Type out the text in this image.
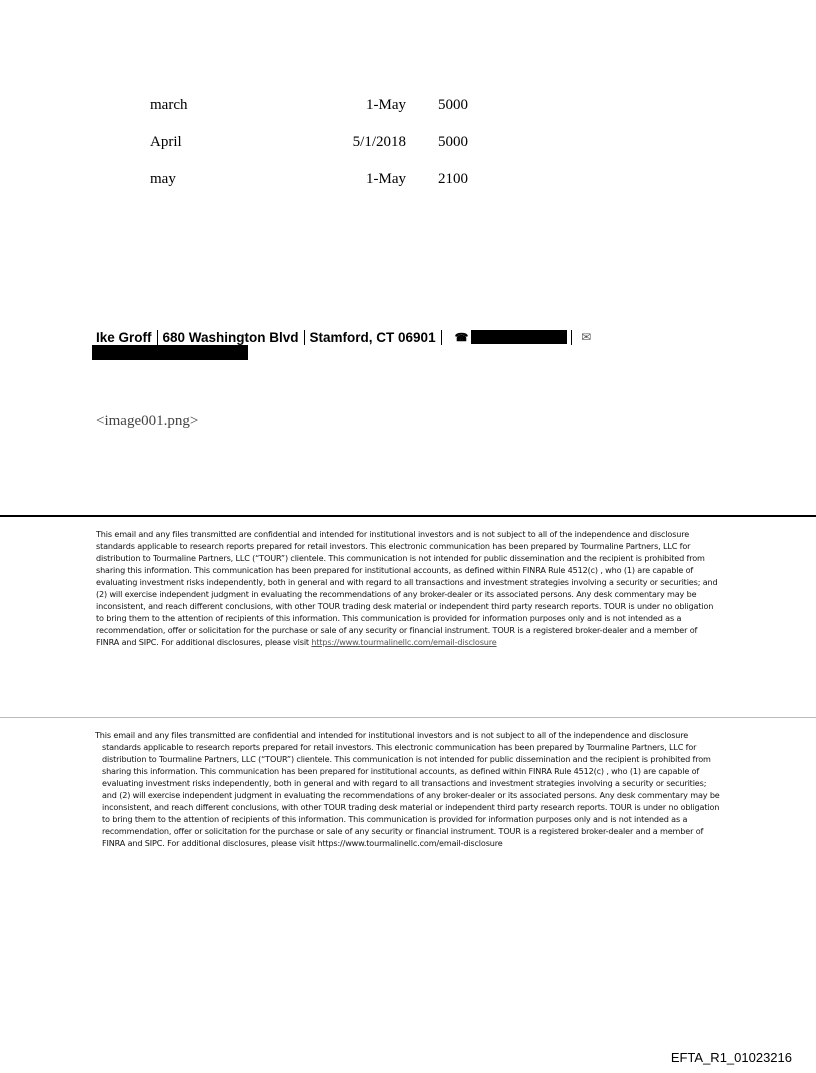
march	1-May 5000
April	5/1/2018 5000
may	1-May 2100
Ike Groff 680 Washington Blvd Stamford, CT 06901 ☎	✉
<image001.png>
This email and any files transmitted are confidential and intended for institutional investors and is not subject to all of the independence and disclosure standards applicable to research reports prepared for retail investors. This electronic communication has been prepared by Tourmaline Partners, LLC for distribution to Tourmaline Partners, LLC (“TOUR”) clientele. This communication is not intended for public dissemination and the recipient is prohibited from sharing this information. This communication has been prepared for institutional accounts, as defined within FINRA Rule 4512(c) , who (1) are capable of evaluating investment risks independently, both in general and with regard to all transactions and investment strategies involving a security or securities; and (2) will exercise independent judgment in evaluating the recommendations of any broker-dealer or its associated persons. Any desk commentary may be inconsistent, and reach different conclusions, with other TOUR trading desk material or independent third party research reports. TOUR is under no obligation to bring them to the attention of recipients of this information. This communication is provided for information purposes only and is not intended as a recommendation, offer or solicitation for the purchase or sale of any security or financial instrument. TOUR is a registered broker-dealer and a member of FINRA and SIPC. For additional disclosures, please visit https://www.tourmalinellc.com/email-disclosure
This email and any files transmitted are confidential and intended for institutional investors and is not subject to all of the independence and disclosure standards applicable to research reports prepared for retail investors. This electronic communication has been prepared by Tourmaline Partners, LLC for distribution to Tourmaline Partners, LLC (“TOUR”) clientele. This communication is not intended for public dissemination and the recipient is prohibited from sharing this information. This communication has been prepared for institutional accounts, as defined within FINRA Rule 4512(c) , who (1) are capable of evaluating investment risks independently, both in general and with regard to all transactions and investment strategies involving a security or securities; and (2) will exercise independent judgment in evaluating the recommendations of any broker-dealer or its associated persons. Any desk commentary may be inconsistent, and reach different conclusions, with other TOUR trading desk material or independent third party research reports. TOUR is under no obligation to bring them to the attention of recipients of this information. This communication is provided for information purposes only and is not intended as a recommendation, offer or solicitation for the purchase or sale of any security or financial instrument. TOUR is a registered broker-dealer and a member of FINRA and SIPC. For additional disclosures, please visit https://www.tourmalinellc.com/email-disclosure
EFTA_R1_01023216
